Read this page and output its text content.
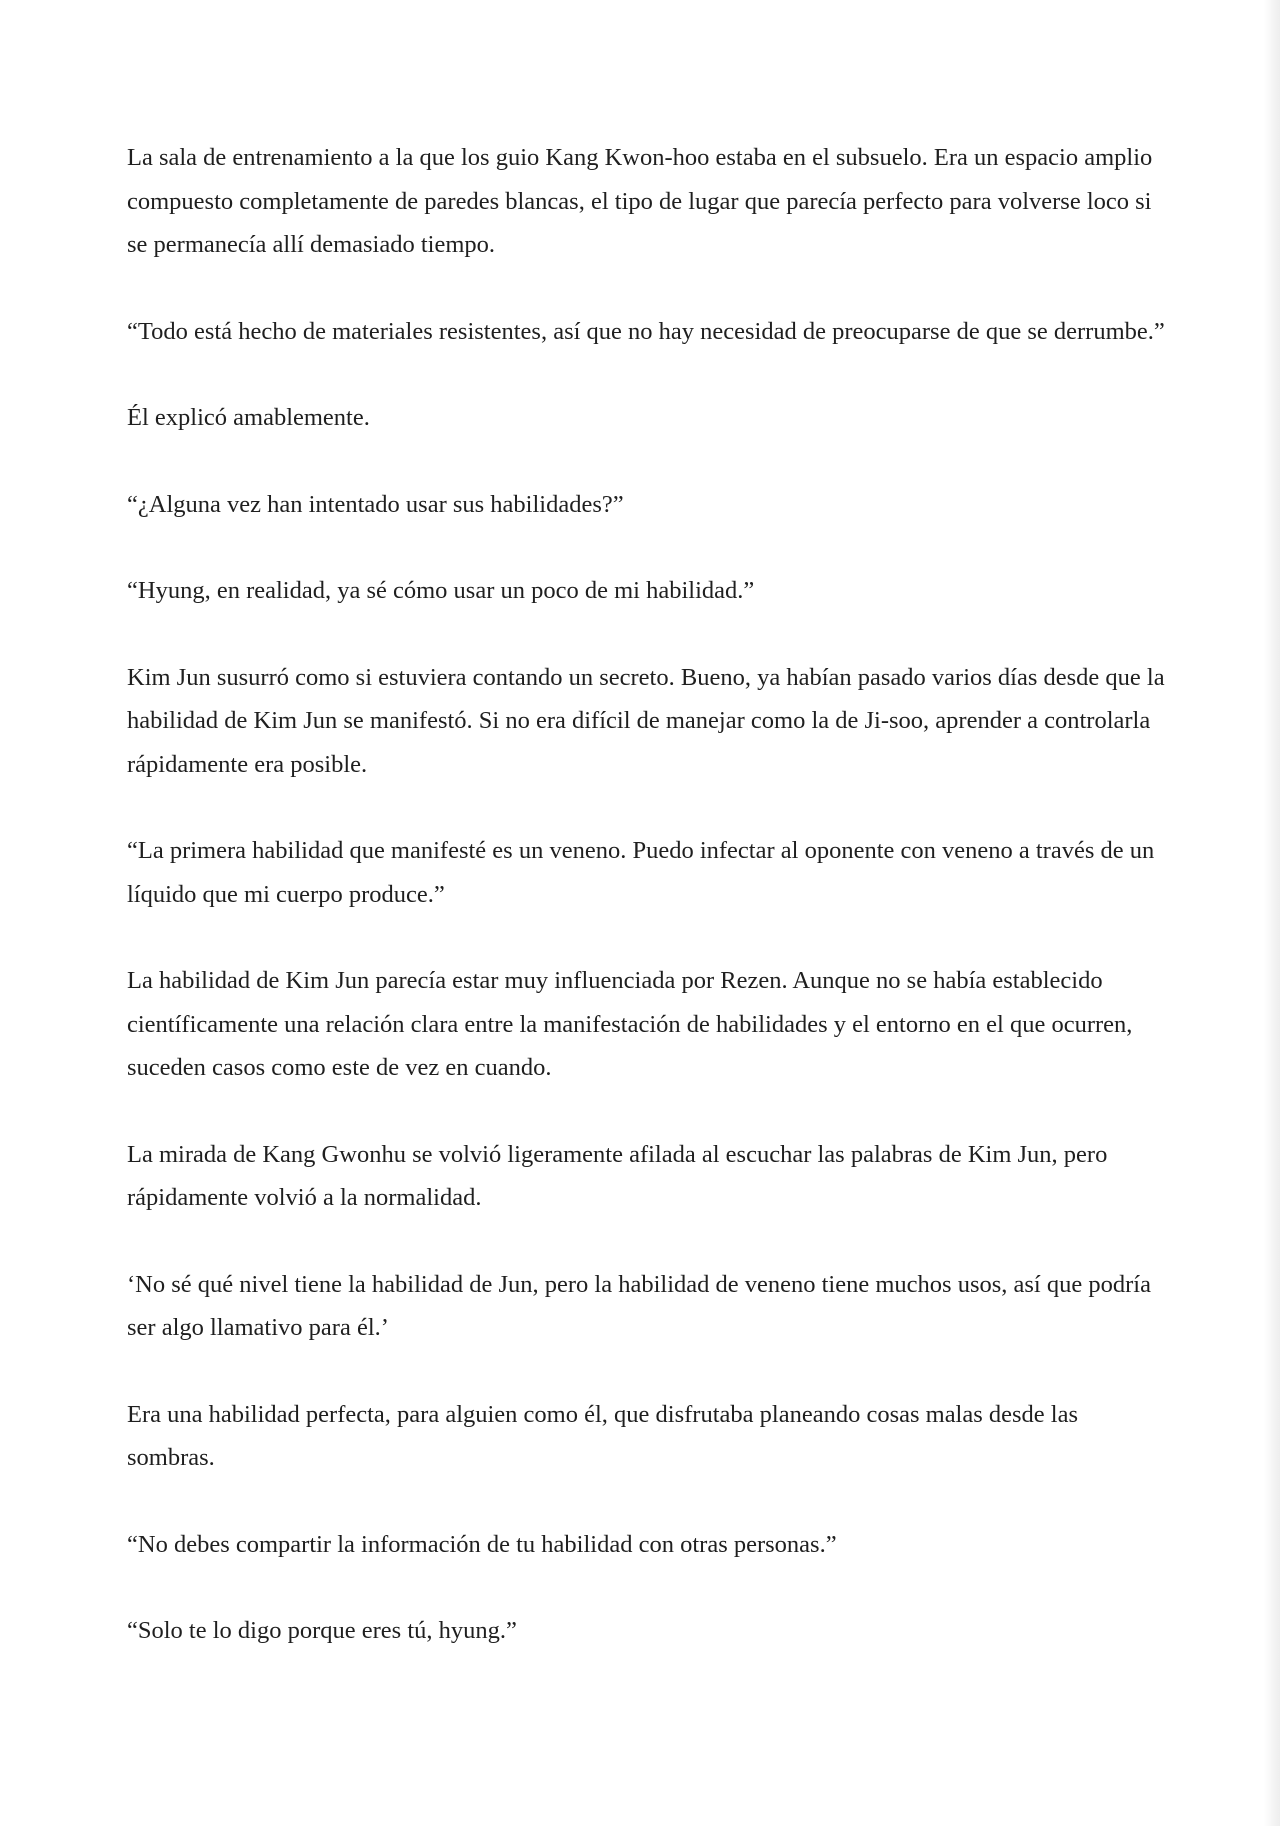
La sala de entrenamiento a la que los guio Kang Kwon-hoo estaba en el subsuelo. Era un espacio amplio compuesto completamente de paredes blancas, el tipo de lugar que parecía perfecto para volverse loco si se permanecía allí demasiado tiempo.

“Todo está hecho de materiales resistentes, así que no hay necesidad de preocuparse de que se derrumbe.”

Él explicó amablemente.

“¿Alguna vez han intentado usar sus habilidades?”

“Hyung, en realidad, ya sé cómo usar un poco de mi habilidad.”

Kim Jun susurró como si estuviera contando un secreto. Bueno, ya habían pasado varios días desde que la habilidad de Kim Jun se manifestó. Si no era difícil de manejar como la de Ji-soo, aprender a controlarla rápidamente era posible.

“La primera habilidad que manifesté es un veneno. Puedo infectar al oponente con veneno a través de un líquido que mi cuerpo produce.”

La habilidad de Kim Jun parecía estar muy influenciada por Rezen. Aunque no se había establecido científicamente una relación clara entre la manifestación de habilidades y el entorno en el que ocurren, suceden casos como este de vez en cuando.

La mirada de Kang Gwonhu se volvió ligeramente afilada al escuchar las palabras de Kim Jun, pero rápidamente volvió a la normalidad.

‘No sé qué nivel tiene la habilidad de Jun, pero la habilidad de veneno tiene muchos usos, así que podría ser algo llamativo para él.’

Era una habilidad perfecta, para alguien como él, que disfrutaba planeando cosas malas desde las sombras.

“No debes compartir la información de tu habilidad con otras personas.”

“Solo te lo digo porque eres tú, hyung.”
